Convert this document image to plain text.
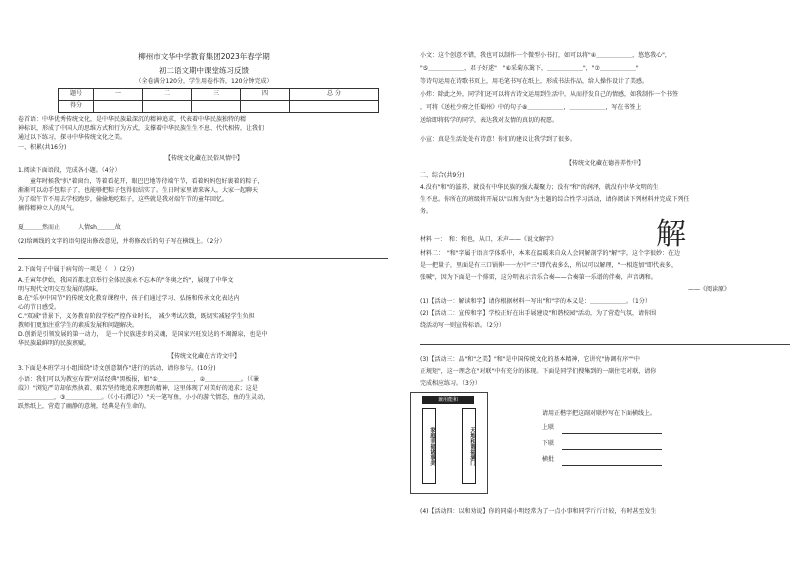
柳州市文华中学教育集团2023年春学期
初二语文期中课堂练习反馈
（全卷满分120分，学生用卷作答，120分钟完成）
题号	一	二	三	四	总 分
得分					
卷首语：中华优秀传统文化，是中华民族最深沉的精神追求，代表着中华民族独特的精
神标识，形成了中国人的思维方式和行为方式，支撑着中华民族生生不息、代代相传，让我们
通过以下练习，探寻中华传统文化之美。
一、积累(共16分)
【传统文化藏在民俗风情中】
1.阅读下面语段，完成各小题。（4分）
童年时候我"扒"着窗台，等着看花开，眼巴巴地等待端午节，看着妈妈包好裹着的粽子，
渐渐可以动手包粽子了，也能够把粽子包得很结实了。生日时家里请来客人，大家一起聊天
为了端午节不用去学校跑步，偷偷地吃粽子，这些就是我对端午节的童年回忆。
摘得精神立人的风气。
夏＿＿＿然而止　　　人情sh＿＿＿故
(2)给画线的文字的语句提出修改意见，并将修改后的句子写在横线上。（2分）
2.下面句子中属于病句的一项是（　）(2分)
A.壬寅年伊始，我国首都北京举行全体民族永不忘本的"冬奥之约"，展现了中华文
明与现代文明交互发展的韵味。
B.在"乐享中国节"的传统文化教育课程中，孩子们通过学习、弘扬和传承文化表达内
心的节日感受。
C."双减"背景下，义务教育阶段学校严控作业时长，　减少考试次数，既切实减轻学生负担
教师们更加注重学生的素质发展和问题解决。
D.创新是引领发展的第一动力，　是一个民族进步的灵魂，是国家兴旺发达的不竭源泉，也是中
华民族最鲜明的民族禀赋。
【传统文化藏在古诗文中】
3.下面是本班学习小组围绕"诗文创意制作"进行的活动，请你参与。(10分)
小语：我们可以为教室布置"对话经典"黑板报，如"①＿＿＿＿＿＿，②＿＿＿＿＿＿。（《蒹
葭》）"浏览严苛却依然执着、艰苦坚持地追求理想的精神，这里体现了对美好的追求；这是
＿＿＿＿＿＿，③＿＿＿＿＿＿。（《小石潭记》）"天一笔写鱼，小小的游弋情态，鱼的生灵动，
跃然纸上，营造了幽静的意境，经典是有生命的。
小文：这个创意不错，我也可以制作一个微型小书打，如可以将"④＿＿＿＿＿＿，悠悠我心"，
"⑤＿＿＿＿＿＿，君子好逑"　"⑥采菊东篱下，＿＿＿＿＿＿"，"⑦＿＿＿＿＿＿"
等诗句运用在诗歌书页上，用毛笔书写在纸上，形成书法作品，给人操作设计了美感。
小炜：除此之外，同学们还可以将古诗文运用到生活中，从而抒发自己的情感，如我制作一个书签
，可将《送杜少府之任蜀州》中的句子⑧＿＿＿＿＿＿，＿＿＿＿＿＿，写在书签上
送给即将转学的同学，表达我对友情的真切的祝愿。
小宣：真是生活处处有诗意！你们的建议让我学到了很多。
【传统文化藏在德善养性中】
二、综合(共9分)
4.没有"和"的滋养，就没有中华民族的强大凝聚力；没有"和"的润泽，就没有中华文明的生
生不息。你所在的班级将开展以"以和为贵"为主题的综合性学习活动，请你阅读下列材料并完成下列任
务。
解
材料 一：　和：和也，从口，禾声——《说文解字》
材料二：　"和"字属于语言学体系中，本来在温暖来自众人会同解剖学的"解"字，这个字很妙：在边
是一把量子，里面是有三口锅伸一一左中"三"即代表多么，所以可以解理，"一相连加"即代表多，
张喊"，因为下面是一个排雷，这分明表示音乐合奏——合奏第一乐谱的伴奏，声音调和。
——《阅读原》
(1)【活动一：解读和字】请你根据材料一写出"和"字的本义是：＿＿＿＿＿＿。（1分）
(2)【活动二：宣传和字】学校正好在出手展建设"和谐校园"活动，为了营造气氛，请你围
绕活动写一则宣传标语。（2分）
(3)【活动三：品"和"之美】"和"是中国传统文化的基本精神，它讲究"协调有序""中
正规矩"，这一理念在"对联"中有充分的体现。下面是同学们搜集到的一副住宅对联，请你
完成相应练习。（3分）
兼用能和
家庭幸福诸事美	天地和谐福满门
请用正楷字把这副对联抄写在下面横线上。
上联
下联
横批
(4)【活动四：以和劝说】你的同桌小明经常为了一点小事和同学斤斤计较，有时甚至发生
